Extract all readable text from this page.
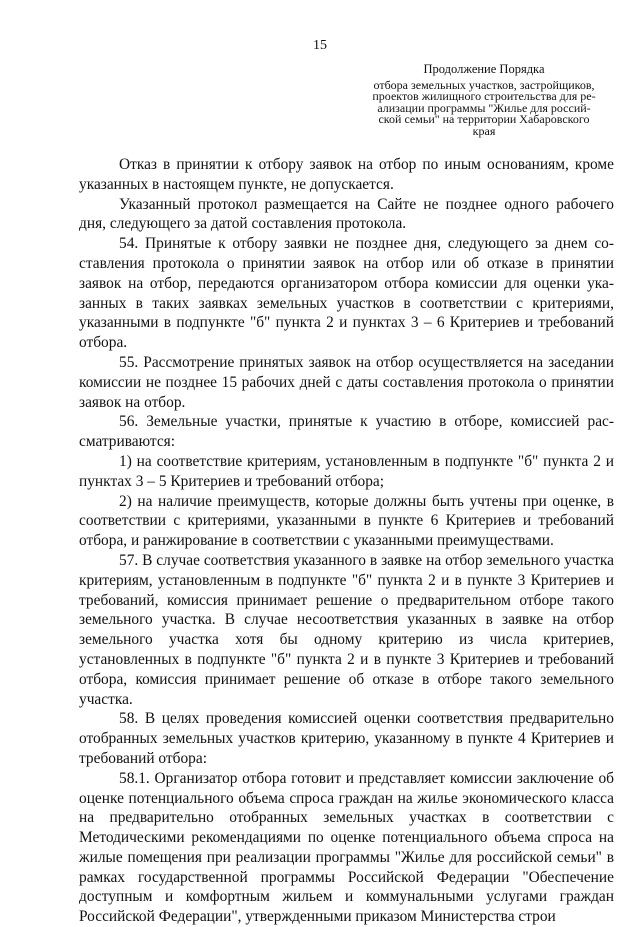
15
Продолжение Порядка
отбора земельных участков, застройщиков,
проектов жилищного строительства для ре-
ализации программы "Жилье для россий-
ской семьи" на территории Хабаровского
края

Отказ в принятии к отбору заявок на отбор по иным основаниям, кроме указанных в настоящем пункте, не допускается.

Указанный протокол размещается на Сайте не позднее одного рабочего дня, следующего за датой составления протокола.

54. Принятые к отбору заявки не позднее дня, следующего за днем составления протокола о принятии заявок на отбор или об отказе в принятии заявок на отбор, передаются организатором отбора комиссии для оценки указанных в таких заявках земельных участков в соответствии с критериями, указанными в подпункте "б" пункта 2 и пунктах 3 – 6 Критериев и требований отбора.

55. Рассмотрение принятых заявок на отбор осуществляется на заседании комиссии не позднее 15 рабочих дней с даты составления протокола о принятии заявок на отбор.

56. Земельные участки, принятые к участию в отборе, комиссией рассматриваются:

1) на соответствие критериям, установленным в подпункте "б" пункта 2 и пунктах 3 – 5 Критериев и требований отбора;

2) на наличие преимуществ, которые должны быть учтены при оценке, в соответствии с критериями, указанными в пункте 6 Критериев и требований отбора, и ранжирование в соответствии с указанными преимуществами.

57. В случае соответствия указанного в заявке на отбор земельного участка критериям, установленным в подпункте "б" пункта 2 и в пункте 3 Критериев и требований, комиссия принимает решение о предварительном отборе такого земельного участка. В случае несоответствия указанных в заявке на отбор земельного участка хотя бы одному критерию из числа критериев, установленных в подпункте "б" пункта 2 и в пункте 3 Критериев и требований отбора, комиссия принимает решение об отказе в отборе такого земельного участка.

58. В целях проведения комиссией оценки соответствия предварительно отобранных земельных участков критерию, указанному в пункте 4 Критериев и требований отбора:

58.1. Организатор отбора готовит и представляет комиссии заключение об оценке потенциального объема спроса граждан на жилье экономического класса на предварительно отобранных земельных участках в соответствии с Методическими рекомендациями по оценке потенциального объема спроса на жилые помещения при реализации программы "Жилье для российской семьи" в рамках государственной программы Российской Федерации "Обеспечение доступным и комфортным жильем и коммунальными услугами граждан Российской Федерации", утвержденными приказом Министерства строи
